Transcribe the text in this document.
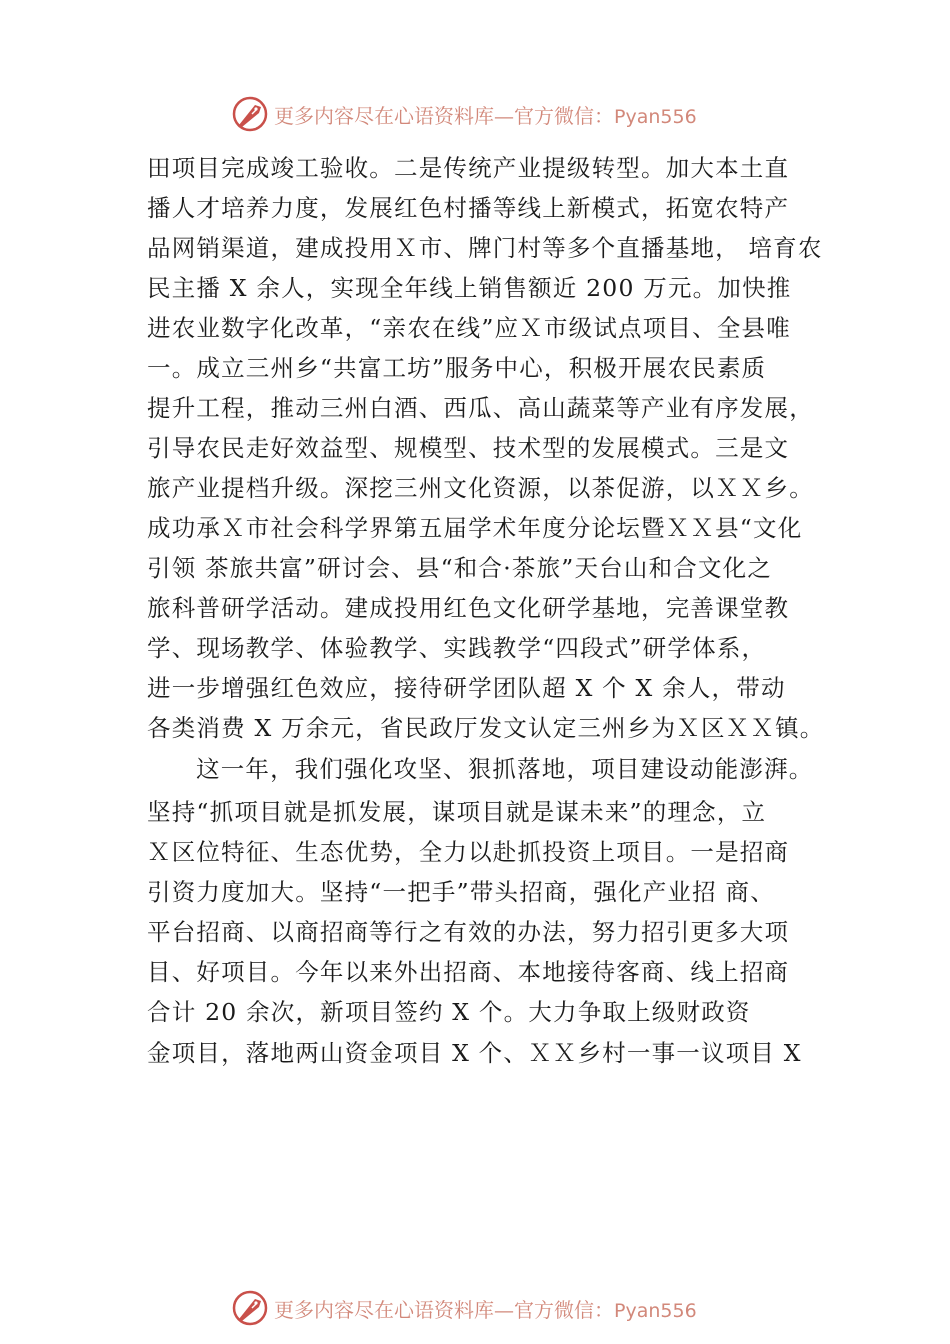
更多内容尽在心语资料库—官方微信：Pyan556
田项目完成竣工验收。二是传统产业提级转型。加大本土直
播人才培养力度，发展红色村播等线上新模式，拓宽农特产
品网销渠道，建成投用Ｘ市、牌门村等多个直播基地， 培育农
民主播 X 余人，实现全年线上销售额近 200 万元。加快推
进农业数字化改革，“亲农在线”应Ｘ市级试点项目、全县唯
一。成立三州乡“共富工坊”服务中心，积极开展农民素质
提升工程，推动三州白酒、西瓜、高山蔬菜等产业有序发展，
引导农民走好效益型、规模型、技术型的发展模式。三是文
旅产业提档升级。深挖三州文化资源，以茶促游，以ＸＸ乡。
成功承Ｘ市社会科学界第五届学术年度分论坛暨ＸＸ县“文化
引领 茶旅共富”研讨会、县“和合·茶旅”天台山和合文化之
旅科普研学活动。建成投用红色文化研学基地，完善课堂教
学、现场教学、体验教学、实践教学“四段式”研学体系，
进一步增强红色效应，接待研学团队超 X 个 X 余人，带动
各类消费 X 万余元，省民政厅发文认定三州乡为Ｘ区ＸＸ镇。
这一年，我们强化攻坚、狠抓落地，项目建设动能澎湃。
坚持“抓项目就是抓发展，谋项目就是谋未来”的理念，立
Ｘ区位特征、生态优势，全力以赴抓投资上项目。一是招商
引资力度加大。坚持“一把手”带头招商，强化产业招 商、
平台招商、以商招商等行之有效的办法，努力招引更多大项
目、好项目。今年以来外出招商、本地接待客商、线上招商
合计 20 余次，新项目签约 X 个。大力争取上级财政资
金项目，落地两山资金项目 X 个、ＸＸ乡村一事一议项目 X
更多内容尽在心语资料库—官方微信：Pyan556
